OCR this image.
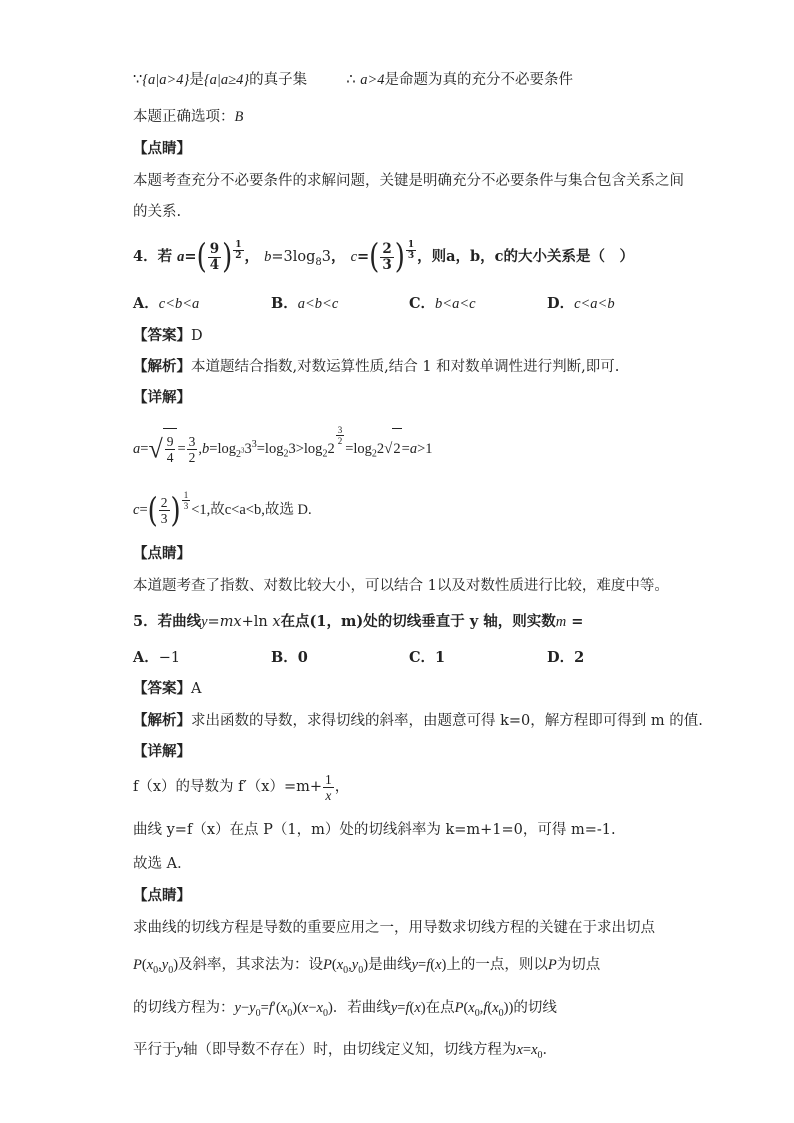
∵{a|a>4}是{a|a≥4}的真子集	∴ a>4是命题为真的充分不必要条件
本题正确选项：B
【点睛】
本题考查充分不必要条件的求解问题，关键是明确充分不必要条件与集合包含关系之间
的关系.
4．若 $a=( \frac{9}{4}$ ) $^{\frac{1}{2}}$ ， $b=3\log_83$， $c=( \frac{2}{3}$ ) $^{\frac{1}{3}}$ ，则a，b，c的大小关系是（　）
A．c<b<a	B．a<b<c	C．b<a<c	D．c<a<b
【答案】D
【解析】本道题结合指数,对数运算性质,结合 1 和对数单调性进行判断,即可.
【详解】
$a=√ \frac{9}{4} = \frac{3}{2} ,b=\log_{2^3}3^3=\log_23>\log_22$
$^{\frac{3}{2}}$
$=\log_22√2=a>1$
$c=( \frac{2}{3}$ ) $^{\frac{1}{3}}$ <1,故c<a<b,故选 D.
【点睛】
本道题考查了指数、对数比较大小，可以结合 1以及对数性质进行比较，难度中等。
5．若曲线y=mx+ln x在点(1，m)处的切线垂直于 y 轴，则实数m =
A．−1	B．0	C．1	D．2
【答案】A
【解析】求出函数的导数，求得切线的斜率，由题意可得 k=0，解方程即可得到 m 的值.
【详解】
f（x）的导数为 $f'(x)=m+ \frac{1}{x}$ ，
曲线 y=f（x）在点 P（1，m）处的切线斜率为 k=m+1=0，可得 m=-1.
故选 A．
【点睛】
求曲线的切线方程是导数的重要应用之一，用导数求切线方程的关键在于求出切点
$P(x_0,y_0)$及斜率，其求法为：设$P(x_0,y_0)$是曲线y=f(x)上的一点，则以P为切点
的切线方程为：$y-y_0=f'(x_0)(x-x_0)$．若曲线y=f(x)在点$P(x_0,f(x_0))$的切线
平行于y轴（即导数不存在）时，由切线定义知，切线方程为$x=x_0$．
